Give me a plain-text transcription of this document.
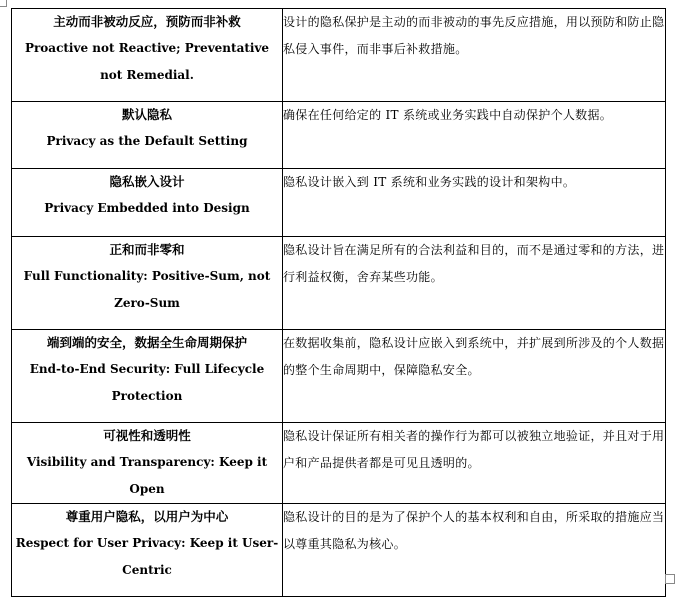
主动而非被动反应，预防而非补救

Proactive not Reactive; Preventative not Remedial.	设计的隐私保护是主动的而非被动的事先反应措施，用以预防和防止隐私侵入事件，而非事后补救措施。

默认隐私

Privacy as the Default Setting	确保在任何给定的 IT 系统或业务实践中自动保护个人数据。

隐私嵌入设计

Privacy Embedded into Design	隐私设计嵌入到 IT 系统和业务实践的设计和架构中。

正和而非零和

Full Functionality: Positive-Sum, not Zero-Sum	隐私设计旨在满足所有的合法利益和目的，而不是通过零和的方法，进行利益权衡，舍弃某些功能。

端到端的安全，数据全生命周期保护

End-to-End Security: Full Lifecycle Protection	在数据收集前，隐私设计应嵌入到系统中，并扩展到所涉及的个人数据的整个生命周期中，保障隐私安全。

可视性和透明性

Visibility and Transparency: Keep it Open	隐私设计保证所有相关者的操作行为都可以被独立地验证，并且对于用户和产品提供者都是可见且透明的。

尊重用户隐私，以用户为中心

Respect for User Privacy: Keep it User-Centric	隐私设计的目的是为了保护个人的基本权利和自由，所采取的措施应当以尊重其隐私为核心。
